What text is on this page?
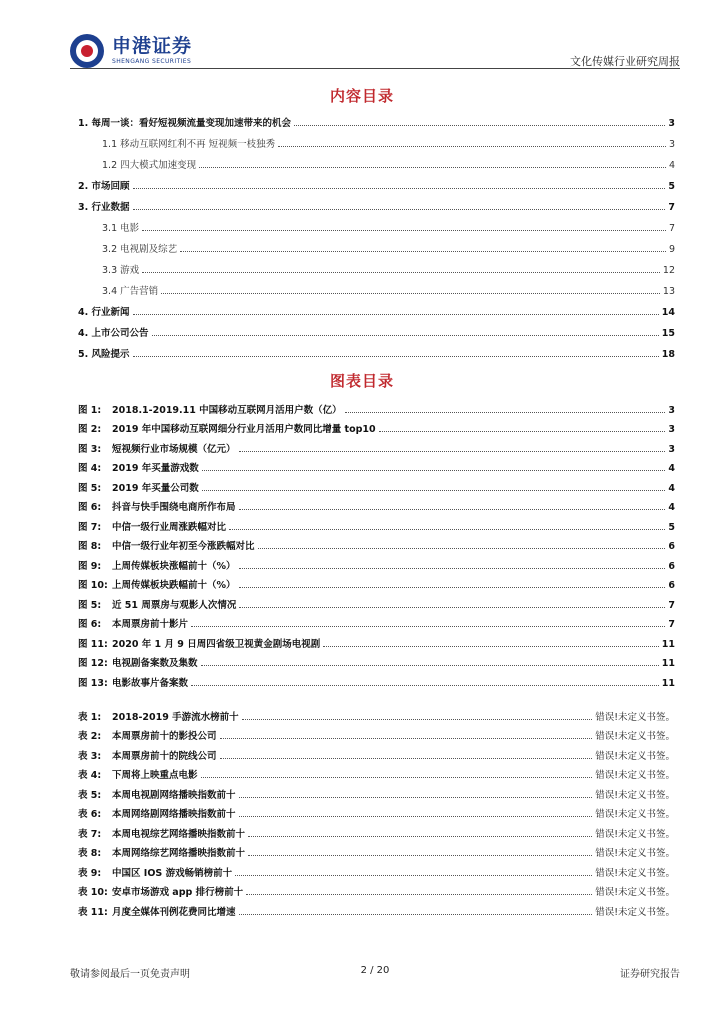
申港证券
SHENGANG SECURITIES	文化传媒行业研究周报
内容目录
1. 每周一谈：看好短视频流量变现加速带来的机会	3
1.1 移动互联网红利不再 短视频一枝独秀	3
1.2 四大模式加速变现	4
2. 市场回顾	5
3. 行业数据	7
3.1 电影	7
3.2 电视剧及综艺	9
3.3 游戏	12
3.4 广告营销	13
4. 行业新闻	14
4. 上市公司公告	15
5. 风险提示	18
图表目录
图 1: 2018.1-2019.11 中国移动互联网月活用户数（亿）	3
图 2: 2019 年中国移动互联网细分行业月活用户数同比增量 top10	3
图 3: 短视频行业市场规模（亿元）	3
图 4: 2019 年买量游戏数	4
图 5: 2019 年买量公司数	4
图 6: 抖音与快手围绕电商所作布局	4
图 7: 中信一级行业周涨跌幅对比	5
图 8: 中信一级行业年初至今涨跌幅对比	6
图 9: 上周传媒板块涨幅前十（%）	6
图 10: 上周传媒板块跌幅前十（%）	6
图 5: 近 51 周票房与观影人次情况	7
图 6: 本周票房前十影片	7
图 11: 2020 年 1 月 9 日周四省级卫视黄金剧场电视剧	11
图 12: 电视剧备案数及集数	11
图 13: 电影故事片备案数	11
表 1: 2018-2019 手游流水榜前十	错误!未定义书签。
表 2: 本周票房前十的影投公司	错误!未定义书签。
表 3: 本周票房前十的院线公司	错误!未定义书签。
表 4: 下周将上映重点电影	错误!未定义书签。
表 5: 本周电视剧网络播映指数前十	错误!未定义书签。
表 6: 本周网络剧网络播映指数前十	错误!未定义书签。
表 7: 本周电视综艺网络播映指数前十	错误!未定义书签。
表 8: 本周网络综艺网络播映指数前十	错误!未定义书签。
表 9: 中国区 IOS 游戏畅销榜前十	错误!未定义书签。
表 10: 安卓市场游戏 app 排行榜前十	错误!未定义书签。
表 11: 月度全媒体刊例花费同比增速	错误!未定义书签。
敬请参阅最后一页免责声明	2 / 20	证券研究报告
